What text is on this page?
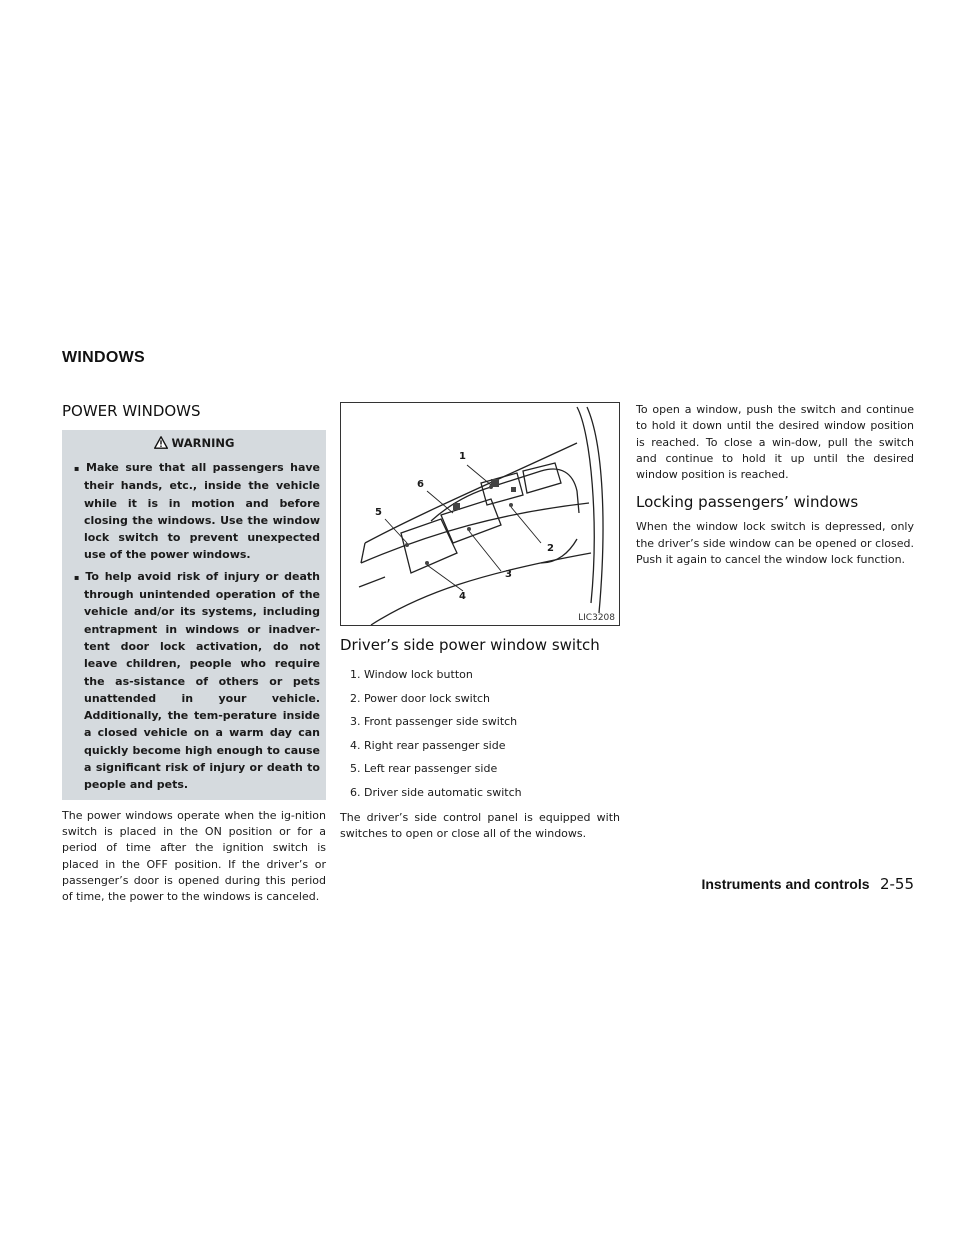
WINDOWS
POWER WINDOWS
WARNING
▪ Make sure that all passengers have their hands, etc., inside the vehicle while it is in motion and before closing the windows. Use the window lock switch to prevent unexpected use of the power windows.
▪ To help avoid risk of injury or death through unintended operation of the vehicle and/or its systems, including entrapment in windows or inadver-tent door lock activation, do not leave children, people who require the as-sistance of others or pets unattended in your vehicle. Additionally, the tem-perature inside a closed vehicle on a warm day can quickly become high enough to cause a significant risk of injury or death to people and pets.

The power windows operate when the ig-nition switch is placed in the ON position or for a period of time after the ignition switch is placed in the OFF position. If the driver’s or passenger’s door is opened during this period of time, the power to the windows is canceled.

1
6
5
2
3
4
LIC3208
Driver’s side power window switch
1. Window lock button
2. Power door lock switch
3. Front passenger side switch
4. Right rear passenger side
5. Left rear passenger side
6. Driver side automatic switch

The driver’s side control panel is equipped with switches to open or close all of the windows.

To open a window, push the switch and continue to hold it down until the desired window position is reached. To close a win-dow, pull the switch and continue to hold it up until the desired window position is reached.

Locking passengers’ windows

When the window lock switch is depressed, only the driver’s side window can be opened or closed. Push it again to cancel the window lock function.

Instruments and controls 2-55
